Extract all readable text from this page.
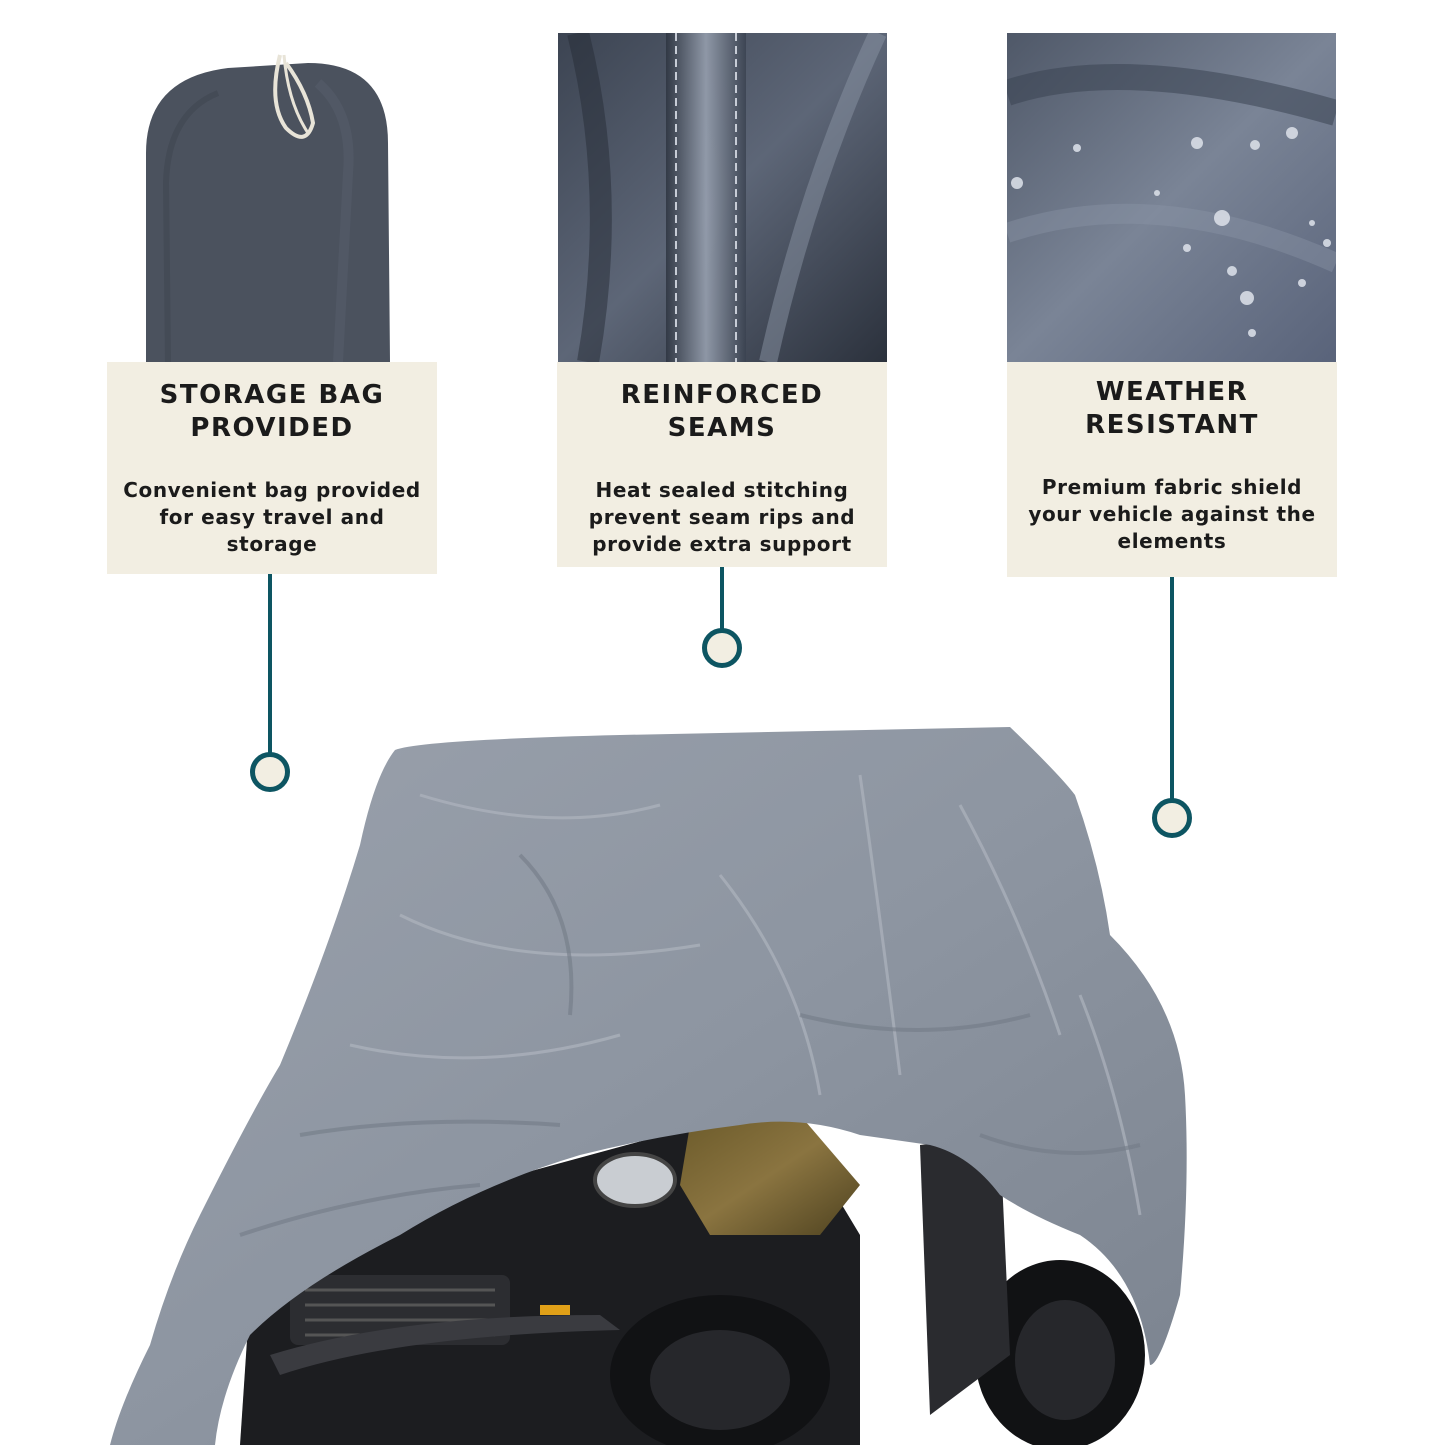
STORAGE BAG PROVIDED
Convenient bag provided for easy travel and storage
REINFORCED SEAMS
Heat sealed stitching prevent seam rips and provide extra support
WEATHER RESISTANT
Premium fabric shield your vehicle against the elements
